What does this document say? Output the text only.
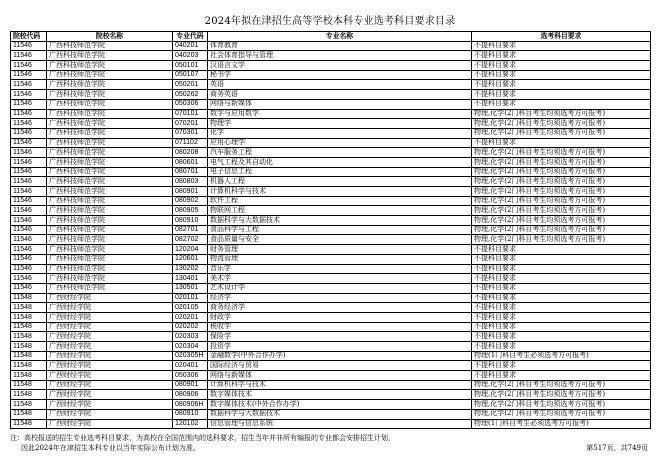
2024年拟在津招生高等学校本科专业选考科目要求目录
院校代码	院校名称	专业代码	专业名称	选考科目要求
11546	广西科技师范学院	040201	体育教育	不提科目要求
11546	广西科技师范学院	040203	社会体育指导与管理	不提科目要求
11546	广西科技师范学院	050101	汉语言文学	不提科目要求
11546	广西科技师范学院	050107	秘书学	不提科目要求
11546	广西科技师范学院	050201	英语	不提科目要求
11546	广西科技师范学院	050262	商务英语	不提科目要求
11546	广西科技师范学院	050306	网络与新媒体	不提科目要求
11546	广西科技师范学院	070101	数学与应用数学	物理,化学(2门科目考生均须选考方可报考)
11546	广西科技师范学院	070201	物理学	物理,化学(2门科目考生均须选考方可报考)
11546	广西科技师范学院	070301	化学	物理,化学(2门科目考生均须选考方可报考)
11546	广西科技师范学院	071102	应用心理学	不提科目要求
11546	广西科技师范学院	080208	汽车服务工程	物理,化学(2门科目考生均须选考方可报考)
11546	广西科技师范学院	080601	电气工程及其自动化	物理,化学(2门科目考生均须选考方可报考)
11546	广西科技师范学院	080701	电子信息工程	物理,化学(2门科目考生均须选考方可报考)
11546	广西科技师范学院	080803	机器人工程	物理,化学(2门科目考生均须选考方可报考)
11546	广西科技师范学院	080901	计算机科学与技术	物理,化学(2门科目考生均须选考方可报考)
11546	广西科技师范学院	080902	软件工程	物理,化学(2门科目考生均须选考方可报考)
11546	广西科技师范学院	080905	物联网工程	物理,化学(2门科目考生均须选考方可报考)
11546	广西科技师范学院	080910	数据科学与大数据技术	物理,化学(2门科目考生均须选考方可报考)
11546	广西科技师范学院	082701	食品科学与工程	物理,化学(2门科目考生均须选考方可报考)
11546	广西科技师范学院	082702	食品质量与安全	物理,化学(2门科目考生均须选考方可报考)
11546	广西科技师范学院	120204	财务管理	不提科目要求
11546	广西科技师范学院	120601	物流管理	不提科目要求
11546	广西科技师范学院	130202	音乐学	不提科目要求
11546	广西科技师范学院	130401	美术学	不提科目要求
11546	广西科技师范学院	130501	艺术设计学	不提科目要求
11548	广西财经学院	020101	经济学	不提科目要求
11548	广西财经学院	020105	商务经济学	不提科目要求
11548	广西财经学院	020201	财政学	不提科目要求
11548	广西财经学院	020202	税收学	不提科目要求
11548	广西财经学院	020303	保险学	不提科目要求
11548	广西财经学院	020304	投资学	不提科目要求
11548	广西财经学院	020305H	金融数学(中外合作办学)	物理(1门科目考生必须选考方可报考)
11548	广西财经学院	020401	国际经济与贸易	不提科目要求
11548	广西财经学院	050306	网络与新媒体	不提科目要求
11548	广西财经学院	080901	计算机科学与技术	物理,化学(2门科目考生均须选考方可报考)
11548	广西财经学院	080906	数字媒体技术	物理,化学(2门科目考生均须选考方可报考)
11548	广西财经学院	080906H	数字媒体技术(中外合作办学)	物理,化学(2门科目考生均须选考方可报考)
11548	广西财经学院	080910	数据科学与大数据技术	物理,化学(2门科目考生均须选考方可报考)
11548	广西财经学院	120102	信息管理与信息系统	物理(1门科目考生必须选考方可报考)
注：高校报送的招生专业选考科目要求，为高校在全国范围内的选科要求，招生当年并非所有编报的专业都会安排招生计划，
因此2024年在津招生本科专业以当年实际公布计划为准。	第517页，共749页
